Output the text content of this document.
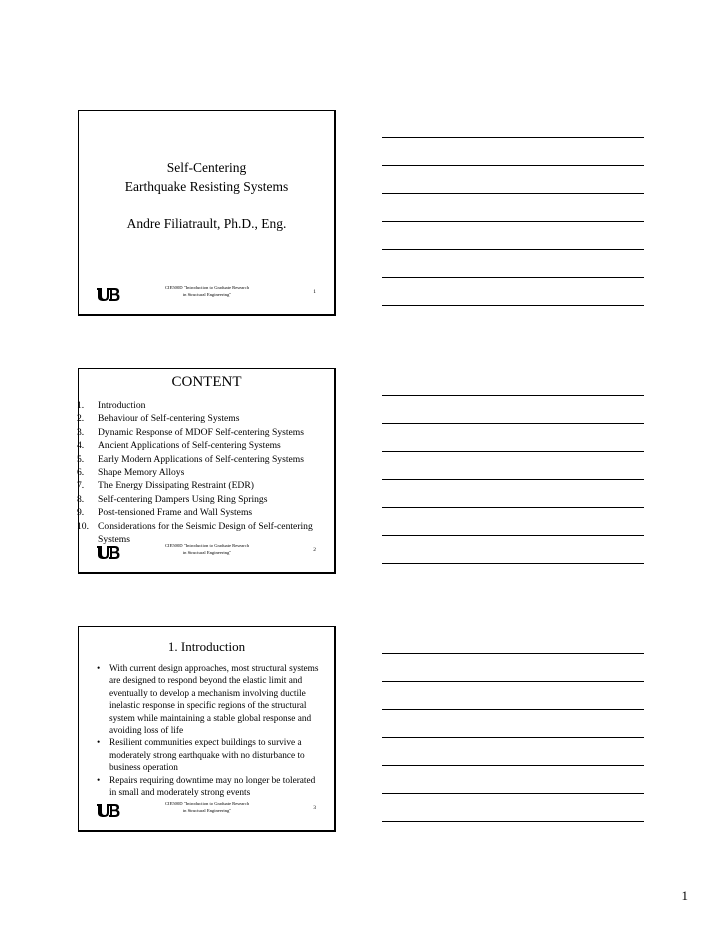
Self-Centering
Earthquake Resisting Systems
Andre Filiatrault, Ph.D., Eng.
CIE500D "Introduction to Graduate Research
in Structural Engineering"	1
CONTENT
1. Introduction
2. Behaviour of Self-centering Systems
3. Dynamic Response of MDOF Self-centering Systems
4. Ancient Applications of Self-centering Systems
5. Early Modern Applications of Self-centering Systems
6. Shape Memory Alloys
7. The Energy Dissipating Restraint (EDR)
8. Self-centering Dampers Using Ring Springs
9. Post-tensioned Frame and Wall Systems
10. Considerations for the Seismic Design of Self-centering Systems
CIE500D "Introduction to Graduate Research
in Structural Engineering"	2
1. Introduction
• With current design approaches, most structural systems are designed to respond beyond the elastic limit and eventually to develop a mechanism involving ductile inelastic response in specific regions of the structural system while maintaining a stable global response and avoiding loss of life
• Resilient communities expect buildings to survive a moderately strong earthquake with no disturbance to business operation
• Repairs requiring downtime may no longer be tolerated in small and moderately strong events
CIE500D "Introduction to Graduate Research
in Structural Engineering"	3
1
